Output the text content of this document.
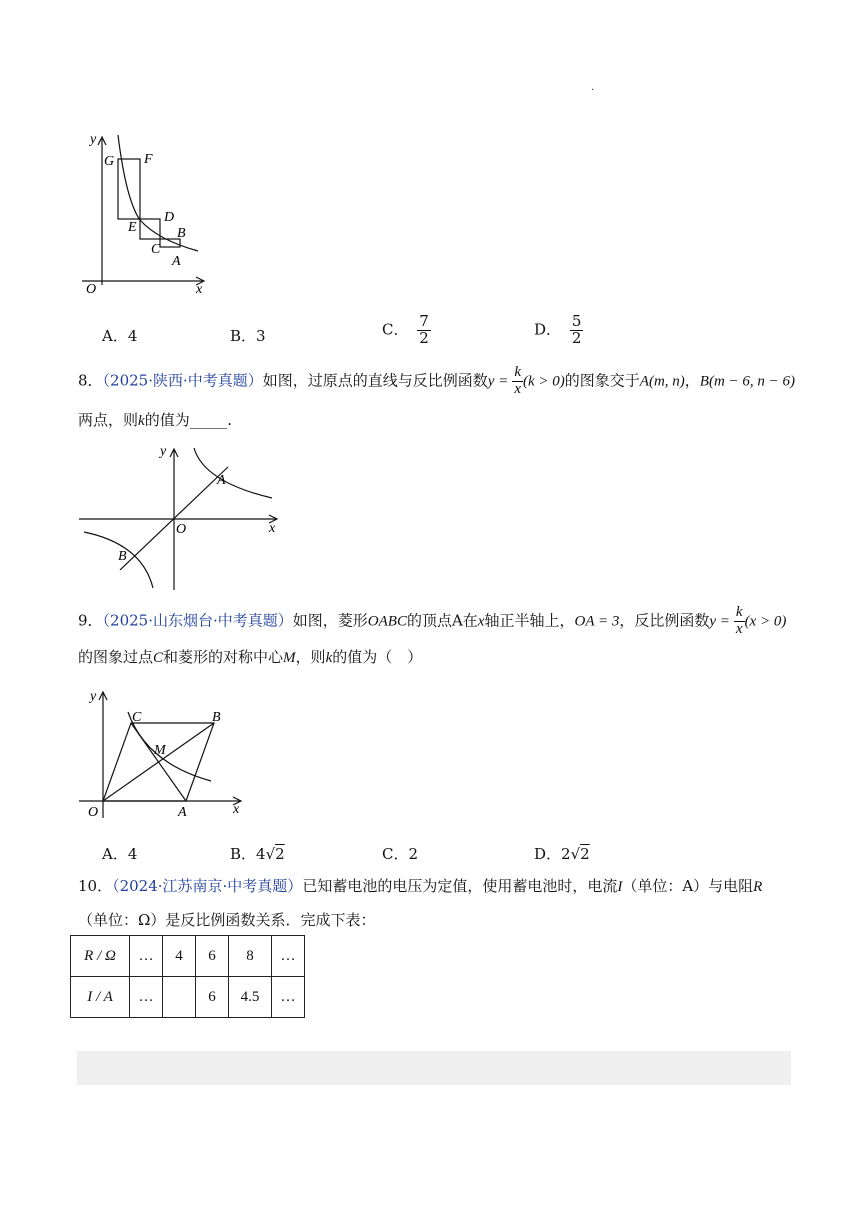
.
y
x
O
G F
E
D
C
B
A
A．4	B．3	C． $\frac{7}{2}$	D． $\frac{5}{2}$
8．（2025·陕西·中考真题）如图，过原点的直线与反比例函数$y = \frac{k}{x} (k > 0)$的图象交于A(m, n)，B(m − 6, n − 6)
两点，则k的值为_____.
y
x
O
A
B
9．（2025·山东烟台·中考真题）如图，菱形OABC的顶点A在x轴正半轴上，OA = 3，反比例函数$y = \frac{k}{x} (x > 0)$
的图象过点C和菱形的对称中心M，则k的值为（　）
y
x
O	A
B
C
M
A．4	B．4√2	C．2	D．2√2
10．（2024·江苏南京·中考真题）已知蓄电池的电压为定值，使用蓄电池时，电流I（单位：A）与电阻R
（单位：Ω）是反比例函数关系．完成下表：
R / Ω	…	4	6	8	…
I / A	…		6	4.5	…
